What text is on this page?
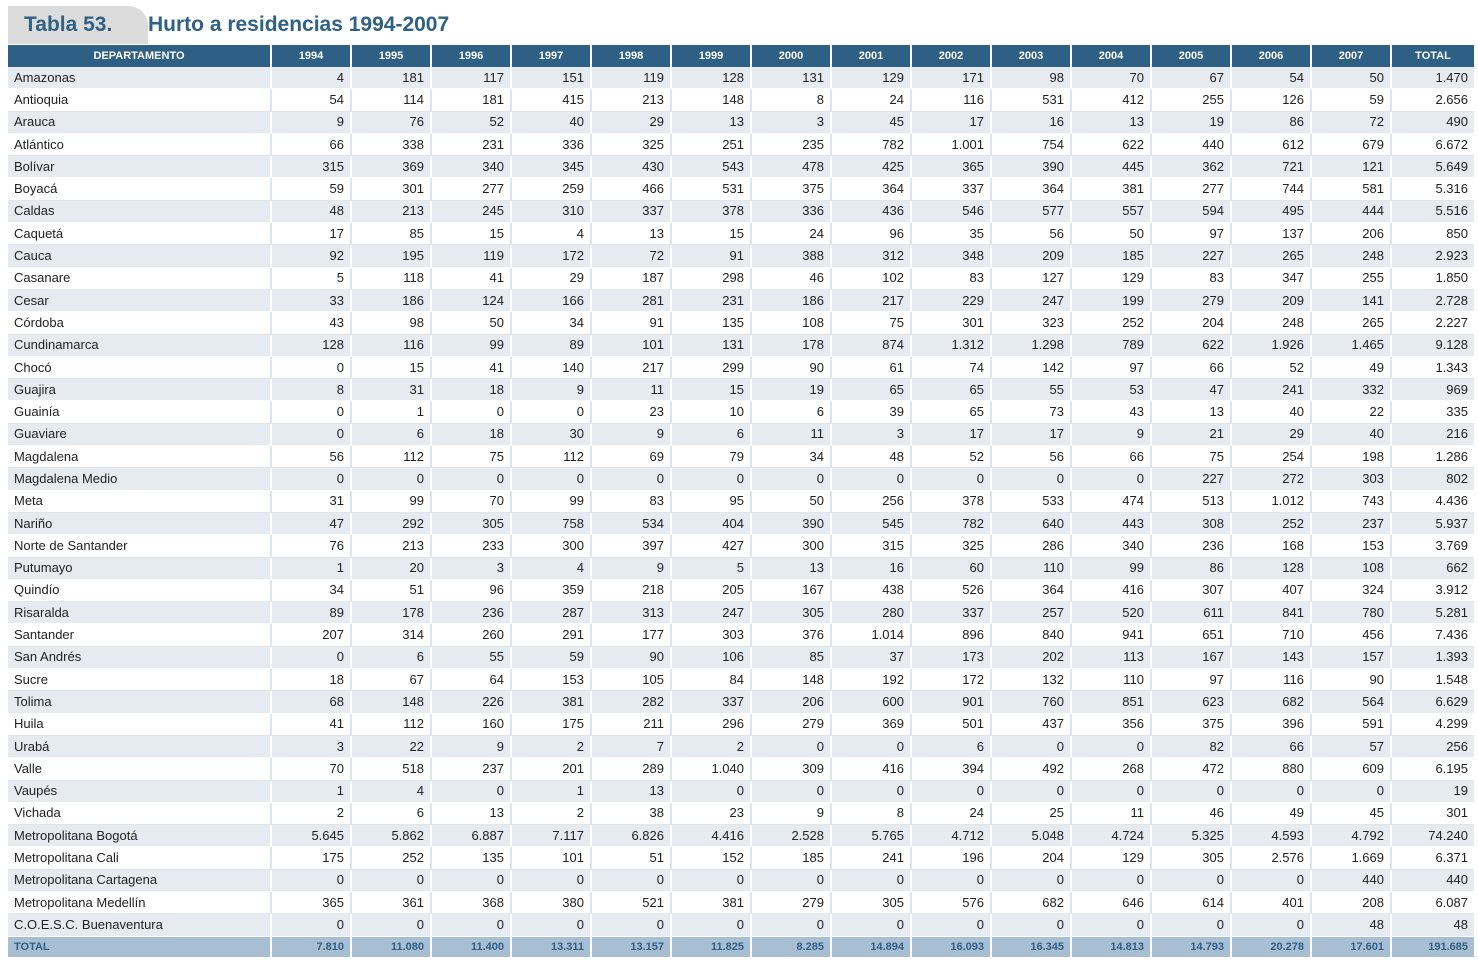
Tabla 53.	Hurto a residencias 1994-2007
DEPARTAMENTO	1994	1995	1996	1997	1998	1999	2000	2001	2002	2003	2004	2005	2006	2007	TOTAL
Amazonas	4	181	117	151	119	128	131	129	171	98	70	67	54	50	1.470
Antioquia	54	114	181	415	213	148	8	24	116	531	412	255	126	59	2.656
Arauca	9	76	52	40	29	13	3	45	17	16	13	19	86	72	490
Atlántico	66	338	231	336	325	251	235	782	1.001	754	622	440	612	679	6.672
Bolívar	315	369	340	345	430	543	478	425	365	390	445	362	721	121	5.649
Boyacá	59	301	277	259	466	531	375	364	337	364	381	277	744	581	5.316
Caldas	48	213	245	310	337	378	336	436	546	577	557	594	495	444	5.516
Caquetá	17	85	15	4	13	15	24	96	35	56	50	97	137	206	850
Cauca	92	195	119	172	72	91	388	312	348	209	185	227	265	248	2.923
Casanare	5	118	41	29	187	298	46	102	83	127	129	83	347	255	1.850
Cesar	33	186	124	166	281	231	186	217	229	247	199	279	209	141	2.728
Córdoba	43	98	50	34	91	135	108	75	301	323	252	204	248	265	2.227
Cundinamarca	128	116	99	89	101	131	178	874	1.312	1.298	789	622	1.926	1.465	9.128
Chocó	0	15	41	140	217	299	90	61	74	142	97	66	52	49	1.343
Guajira	8	31	18	9	11	15	19	65	65	55	53	47	241	332	969
Guainía	0	1	0	0	23	10	6	39	65	73	43	13	40	22	335
Guaviare	0	6	18	30	9	6	11	3	17	17	9	21	29	40	216
Magdalena	56	112	75	112	69	79	34	48	52	56	66	75	254	198	1.286
Magdalena Medio	0	0	0	0	0	0	0	0	0	0	0	227	272	303	802
Meta	31	99	70	99	83	95	50	256	378	533	474	513	1.012	743	4.436
Nariño	47	292	305	758	534	404	390	545	782	640	443	308	252	237	5.937
Norte de Santander	76	213	233	300	397	427	300	315	325	286	340	236	168	153	3.769
Putumayo	1	20	3	4	9	5	13	16	60	110	99	86	128	108	662
Quindío	34	51	96	359	218	205	167	438	526	364	416	307	407	324	3.912
Risaralda	89	178	236	287	313	247	305	280	337	257	520	611	841	780	5.281
Santander	207	314	260	291	177	303	376	1.014	896	840	941	651	710	456	7.436
San Andrés	0	6	55	59	90	106	85	37	173	202	113	167	143	157	1.393
Sucre	18	67	64	153	105	84	148	192	172	132	110	97	116	90	1.548
Tolima	68	148	226	381	282	337	206	600	901	760	851	623	682	564	6.629
Huila	41	112	160	175	211	296	279	369	501	437	356	375	396	591	4.299
Urabá	3	22	9	2	7	2	0	0	6	0	0	82	66	57	256
Valle	70	518	237	201	289	1.040	309	416	394	492	268	472	880	609	6.195
Vaupés	1	4	0	1	13	0	0	0	0	0	0	0	0	0	19
Vichada	2	6	13	2	38	23	9	8	24	25	11	46	49	45	301
Metropolitana Bogotá	5.645	5.862	6.887	7.117	6.826	4.416	2.528	5.765	4.712	5.048	4.724	5.325	4.593	4.792	74.240
Metropolitana Cali	175	252	135	101	51	152	185	241	196	204	129	305	2.576	1.669	6.371
Metropolitana Cartagena	0	0	0	0	0	0	0	0	0	0	0	0	0	440	440
Metropolitana Medellín	365	361	368	380	521	381	279	305	576	682	646	614	401	208	6.087
C.O.E.S.C. Buenaventura	0	0	0	0	0	0	0	0	0	0	0	0	0	48	48
TOTAL	7.810	11.080	11.400	13.311	13.157	11.825	8.285	14.894	16.093	16.345	14.813	14.793	20.278	17.601	191.685
